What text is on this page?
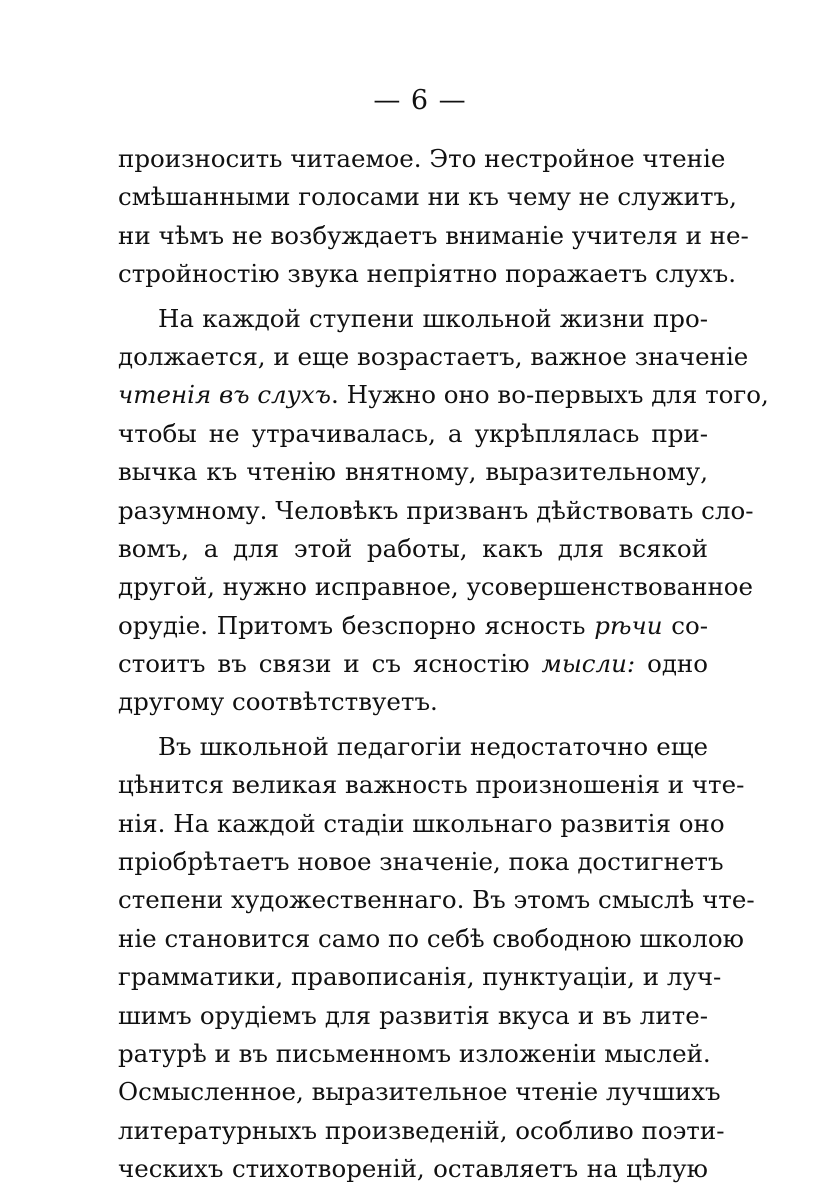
— 6 —
произносить читаемое. Это нестройное чтеніе
смѣшанными голосами ни къ чему не служитъ,
ни чѣмъ не возбуждаетъ вниманіе учителя и не-
стройностію звука непріятно поражаетъ слухъ.
На каждой ступени школьной жизни про-
должается, и еще возрастаетъ, важное значеніе
чтенія въ слухъ. Нужно оно во-первыхъ для того,
чтобы не утрачивалась, а укрѣплялась при-
вычка къ чтенію внятному, выразительному,
разумному. Человѣкъ призванъ дѣйствовать сло-
вомъ, а для этой работы, какъ для всякой
другой, нужно исправное, усовершенствованное
орудіе. Притомъ безспорно ясность рѣчи со-
стоитъ въ связи и съ ясностію мысли: одно
другому соотвѣтствуетъ.
Въ школьной педагогіи недостаточно еще
цѣнится великая важность произношенія и чте-
нія. На каждой стадіи школьнаго развитія оно
пріобрѣтаетъ новое значеніе, пока достигнетъ
степени художественнаго. Въ этомъ смыслѣ чте-
ніе становится само по себѣ свободною школою
грамматики, правописанія, пунктуаціи, и луч-
шимъ орудіемъ для развитія вкуса и въ лите-
ратурѣ и въ письменномъ изложеніи мыслей.
Осмысленное, выразительное чтеніе лучшихъ
литературныхъ произведеній, особливо поэти-
ческихъ стихотвореній, оставляетъ на цѣлую
